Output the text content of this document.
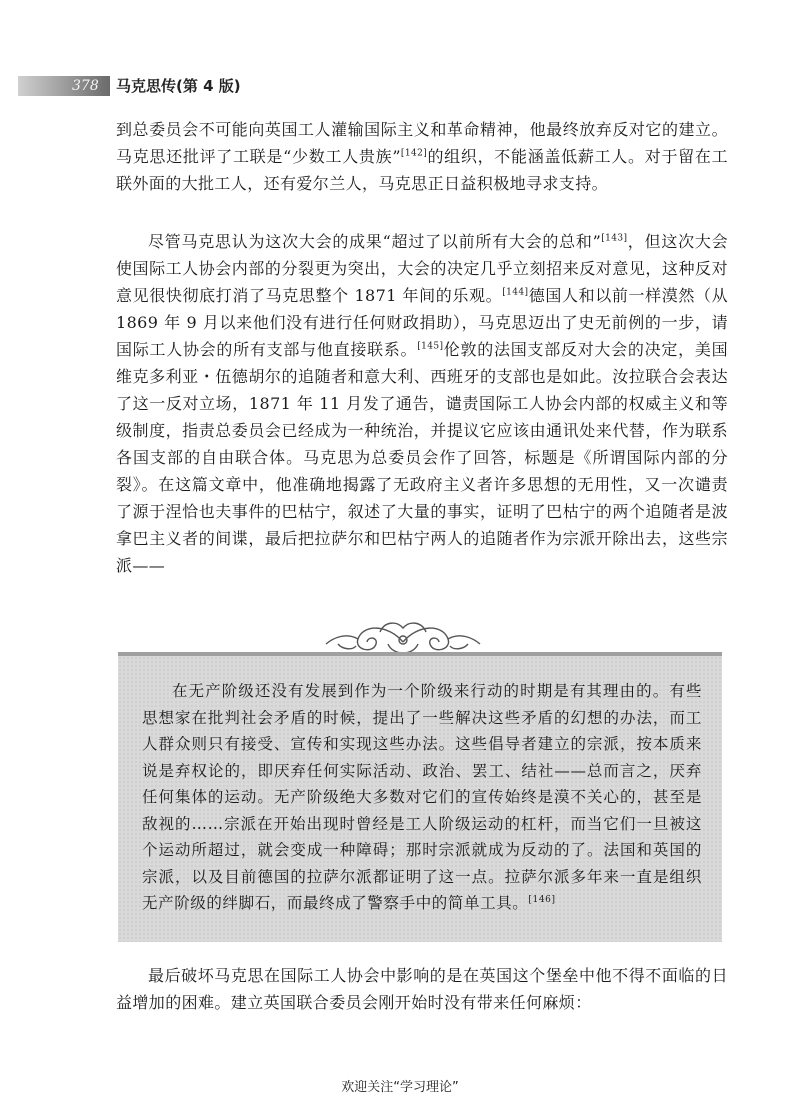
378	马克思传(第 4 版)

到总委员会不可能向英国工人灌输国际主义和革命精神，他最终放弃反对它的建立。马克思还批评了工联是“少数工人贵族”[142]的组织，不能涵盖低薪工人。对于留在工联外面的大批工人，还有爱尔兰人，马克思正日益积极地寻求支持。

尽管马克思认为这次大会的成果“超过了以前所有大会的总和”[143]，但这次大会使国际工人协会内部的分裂更为突出，大会的决定几乎立刻招来反对意见，这种反对意见很快彻底打消了马克思整个 1871 年间的乐观。[144]德国人和以前一样漠然（从 1869 年 9 月以来他们没有进行任何财政捐助），马克思迈出了史无前例的一步，请国际工人协会的所有支部与他直接联系。[145]伦敦的法国支部反对大会的决定，美国维克多利亚・伍德胡尔的追随者和意大利、西班牙的支部也是如此。汝拉联合会表达了这一反对立场，1871 年 11 月发了通告，谴责国际工人协会内部的权威主义和等级制度，指责总委员会已经成为一种统治，并提议它应该由通讯处来代替，作为联系各国支部的自由联合体。马克思为总委员会作了回答，标题是《所谓国际内部的分裂》。在这篇文章中，他准确地揭露了无政府主义者许多思想的无用性，又一次谴责了源于涅恰也夫事件的巴枯宁，叙述了大量的事实，证明了巴枯宁的两个追随者是波拿巴主义者的间谍，最后把拉萨尔和巴枯宁两人的追随者作为宗派开除出去，这些宗派——

在无产阶级还没有发展到作为一个阶级来行动的时期是有其理由的。有些思想家在批判社会矛盾的时候，提出了一些解决这些矛盾的幻想的办法，而工人群众则只有接受、宣传和实现这些办法。这些倡导者建立的宗派，按本质来说是弃权论的，即厌弃任何实际活动、政治、罢工、结社——总而言之，厌弃任何集体的运动。无产阶级绝大多数对它们的宣传始终是漠不关心的，甚至是敌视的……宗派在开始出现时曾经是工人阶级运动的杠杆，而当它们一旦被这个运动所超过，就会变成一种障碍；那时宗派就成为反动的了。法国和英国的宗派，以及目前德国的拉萨尔派都证明了这一点。拉萨尔派多年来一直是组织无产阶级的绊脚石，而最终成了警察手中的简单工具。[146]

最后破坏马克思在国际工人协会中影响的是在英国这个堡垒中他不得不面临的日益增加的困难。建立英国联合委员会刚开始时没有带来任何麻烦：

欢迎关注“学习理论”
